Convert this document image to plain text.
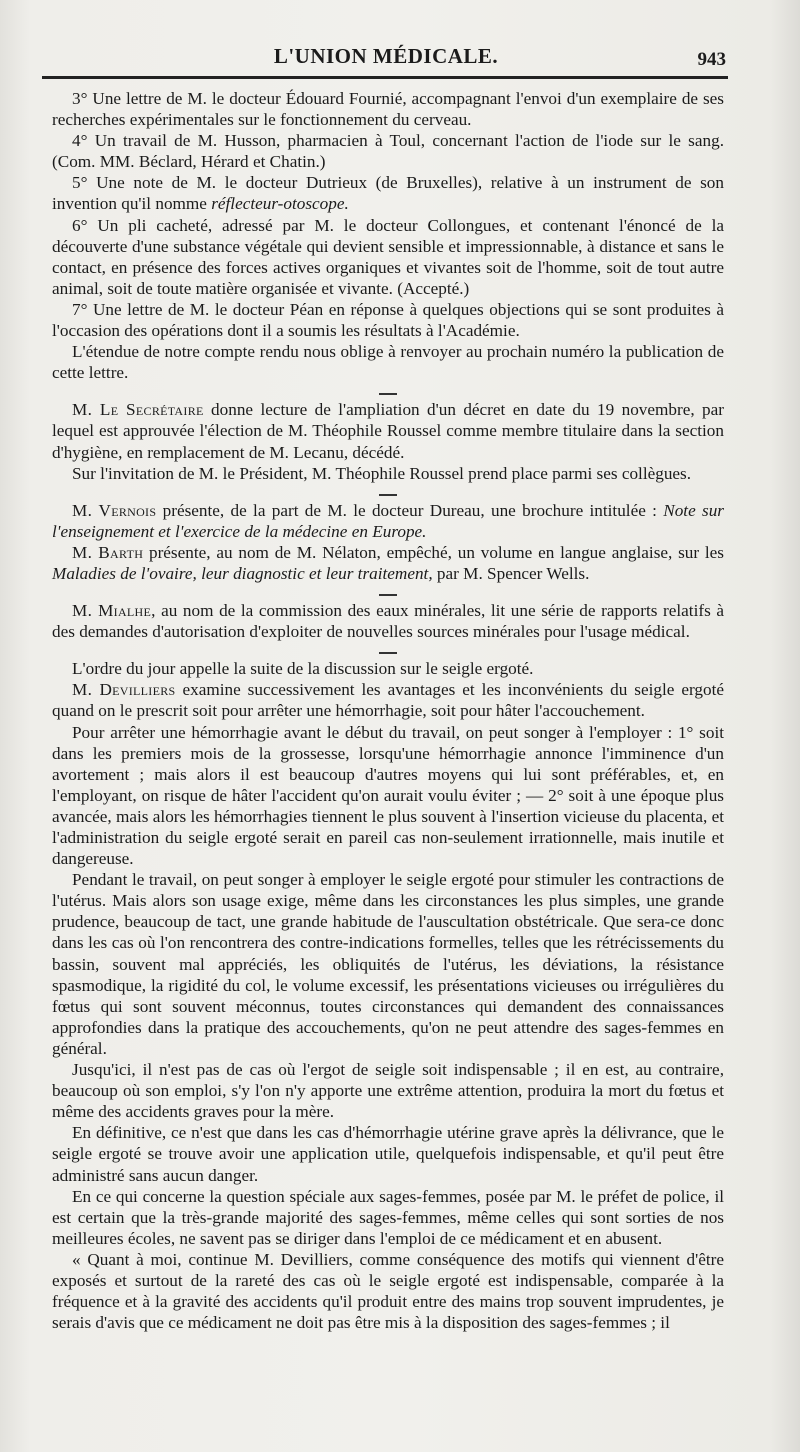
L'UNION MÉDICALE.	943

3° Une lettre de M. le docteur Édouard Fournié, accompagnant l'envoi d'un exemplaire de ses recherches expérimentales sur le fonctionnement du cerveau.

4° Un travail de M. Husson, pharmacien à Toul, concernant l'action de l'iode sur le sang. (Com. MM. Béclard, Hérard et Chatin.)

5° Une note de M. le docteur Dutrieux (de Bruxelles), relative à un instrument de son invention qu'il nomme réflecteur-otoscope.

6° Un pli cacheté, adressé par M. le docteur Collongues, et contenant l'énoncé de la découverte d'une substance végétale qui devient sensible et impressionnable, à distance et sans le contact, en présence des forces actives organiques et vivantes soit de l'homme, soit de tout autre animal, soit de toute matière organisée et vivante. (Accepté.)

7° Une lettre de M. le docteur Péan en réponse à quelques objections qui se sont produites à l'occasion des opérations dont il a soumis les résultats à l'Académie.

L'étendue de notre compte rendu nous oblige à renvoyer au prochain numéro la publication de cette lettre.

M. Le Secrétaire donne lecture de l'ampliation d'un décret en date du 19 novembre, par lequel est approuvée l'élection de M. Théophile Roussel comme membre titulaire dans la section d'hygiène, en remplacement de M. Lecanu, décédé.

Sur l'invitation de M. le Président, M. Théophile Roussel prend place parmi ses collègues.

M. Vernois présente, de la part de M. le docteur Dureau, une brochure intitulée : Note sur l'enseignement et l'exercice de la médecine en Europe.

M. Barth présente, au nom de M. Nélaton, empêché, un volume en langue anglaise, sur les Maladies de l'ovaire, leur diagnostic et leur traitement, par M. Spencer Wells.

M. Mialhe, au nom de la commission des eaux minérales, lit une série de rapports relatifs à des demandes d'autorisation d'exploiter de nouvelles sources minérales pour l'usage médical.

L'ordre du jour appelle la suite de la discussion sur le seigle ergoté.

M. Devilliers examine successivement les avantages et les inconvénients du seigle ergoté quand on le prescrit soit pour arrêter une hémorrhagie, soit pour hâter l'accouchement.

Pour arrêter une hémorrhagie avant le début du travail, on peut songer à l'employer : 1° soit dans les premiers mois de la grossesse, lorsqu'une hémorrhagie annonce l'imminence d'un avortement ; mais alors il est beaucoup d'autres moyens qui lui sont préférables, et, en l'employant, on risque de hâter l'accident qu'on aurait voulu éviter ; — 2° soit à une époque plus avancée, mais alors les hémorrhagies tiennent le plus souvent à l'insertion vicieuse du placenta, et l'administration du seigle ergoté serait en pareil cas non-seulement irrationnelle, mais inutile et dangereuse.

Pendant le travail, on peut songer à employer le seigle ergoté pour stimuler les contractions de l'utérus. Mais alors son usage exige, même dans les circonstances les plus simples, une grande prudence, beaucoup de tact, une grande habitude de l'auscultation obstétricale. Que sera-ce donc dans les cas où l'on rencontrera des contre-indications formelles, telles que les rétrécissements du bassin, souvent mal appréciés, les obliquités de l'utérus, les déviations, la résistance spasmodique, la rigidité du col, le volume excessif, les présentations vicieuses ou irrégulières du fœtus qui sont souvent méconnus, toutes circonstances qui demandent des connaissances approfondies dans la pratique des accouchements, qu'on ne peut attendre des sages-femmes en général.

Jusqu'ici, il n'est pas de cas où l'ergot de seigle soit indispensable ; il en est, au contraire, beaucoup où son emploi, s'y l'on n'y apporte une extrême attention, produira la mort du fœtus et même des accidents graves pour la mère.

En définitive, ce n'est que dans les cas d'hémorrhagie utérine grave après la délivrance, que le seigle ergoté se trouve avoir une application utile, quelquefois indispensable, et qu'il peut être administré sans aucun danger.

En ce qui concerne la question spéciale aux sages-femmes, posée par M. le préfet de police, il est certain que la très-grande majorité des sages-femmes, même celles qui sont sorties de nos meilleures écoles, ne savent pas se diriger dans l'emploi de ce médicament et en abusent.

« Quant à moi, continue M. Devilliers, comme conséquence des motifs qui viennent d'être exposés et surtout de la rareté des cas où le seigle ergoté est indispensable, comparée à la fréquence et à la gravité des accidents qu'il produit entre des mains trop souvent imprudentes, je serais d'avis que ce médicament ne doit pas être mis à la disposition des sages-femmes ; il
